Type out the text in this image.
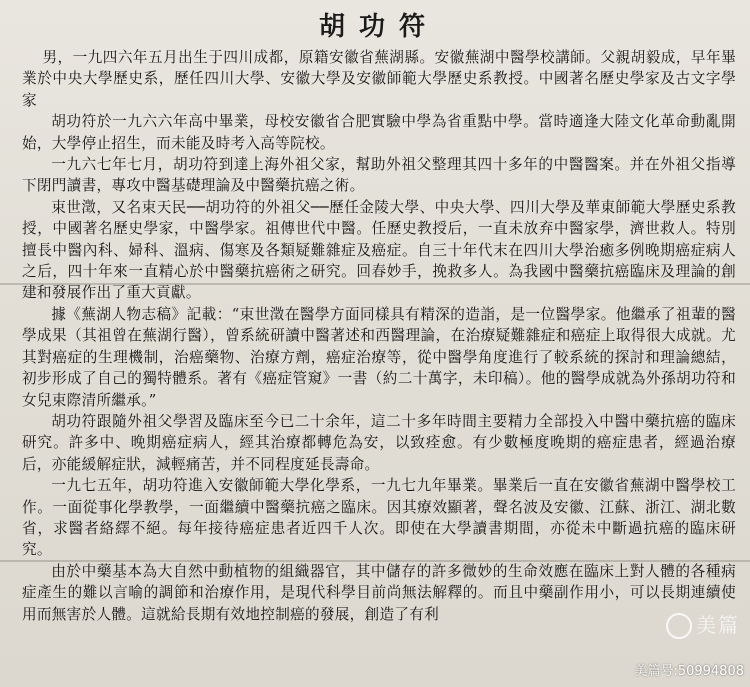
胡功符

男，一九四六年五月出生于四川成都，原籍安徽省蕪湖縣。安徽蕪湖中醫學校講師。父親胡毅成，早年畢業於中央大學歷史系，歷任四川大學、安徽大學及安徽師範大學歷史系教授。中國著名歷史學家及古文字學家

胡功符於一九六六年高中畢業，母校安徽省合肥實驗中學為省重點中學。當時適逢大陸文化革命動亂開始，大學停止招生，而未能及時考入高等院校。

一九六七年七月，胡功符到達上海外祖父家，幫助外祖父整理其四十多年的中醫醫案。并在外祖父指導下閉門讀書，專攻中醫基礎理論及中醫藥抗癌之術。

束世澂，又名束天民──胡功符的外祖父──歷任金陵大學、中央大學、四川大學及華東師範大學歷史系教授，中國著名歷史學家，中醫學家。祖傳世代中醫。任歷史教授后，一直未放弃中醫家學，濟世救人。特別擅長中醫內科、婦科、溫病、傷寒及各類疑難雜症及癌症。自三十年代末在四川大學治癒多例晚期癌症病人之后，四十年來一直精心於中醫藥抗癌術之研究。回春妙手，挽救多人。為我國中醫藥抗癌臨床及理論的創建和發展作出了重大貢獻。

據《蕪湖人物志稿》記載：“束世澂在醫學方面同樣具有精深的造詣，是一位醫學家。他繼承了祖輩的醫學成果（其祖曾在蕪湖行醫），曾系統研讀中醫著述和西醫理論，在治療疑難雜症和癌症上取得很大成就。尤其對癌症的生理機制，治癌藥物、治療方劑，癌症治療等，從中醫學角度進行了較系統的探討和理論總結，初步形成了自己的獨特體系。著有《癌症管窺》一書（約二十萬字，未印稿）。他的醫學成就為外孫胡功符和女兒束際清所繼承。”

胡功符跟隨外祖父學習及臨床至今已二十余年，這二十多年時間主要精力全部投入中醫中藥抗癌的臨床研究。許多中、晚期癌症病人，經其治療都轉危為安，以致痊愈。有少數極度晚期的癌症患者，經過治療后，亦能緩解症狀，減輕痛苦，并不同程度延長壽命。

一九七五年，胡功符進入安徽師範大學化學系，一九七九年畢業。畢業后一直在安徽省蕪湖中醫學校工作。一面從事化學教學，一面繼續中醫藥抗癌之臨床。因其療效顯著，聲名波及安徽、江蘇、浙江、湖北數省，求醫者絡繹不絕。每年接待癌症患者近四千人次。即使在大學讀書期間，亦從未中斷過抗癌的臨床研究。

由於中藥基本為大自然中動植物的組織器官，其中儲存的許多微妙的生命效應在臨床上對人體的各種病症產生的難以言喻的調節和治療作用，是現代科學目前尚無法解釋的。而且中藥副作用小，可以長期連續使用而無害於人體。這就給長期有效地控制癌的發展，創造了有利	美篇
美篇号:50994808
